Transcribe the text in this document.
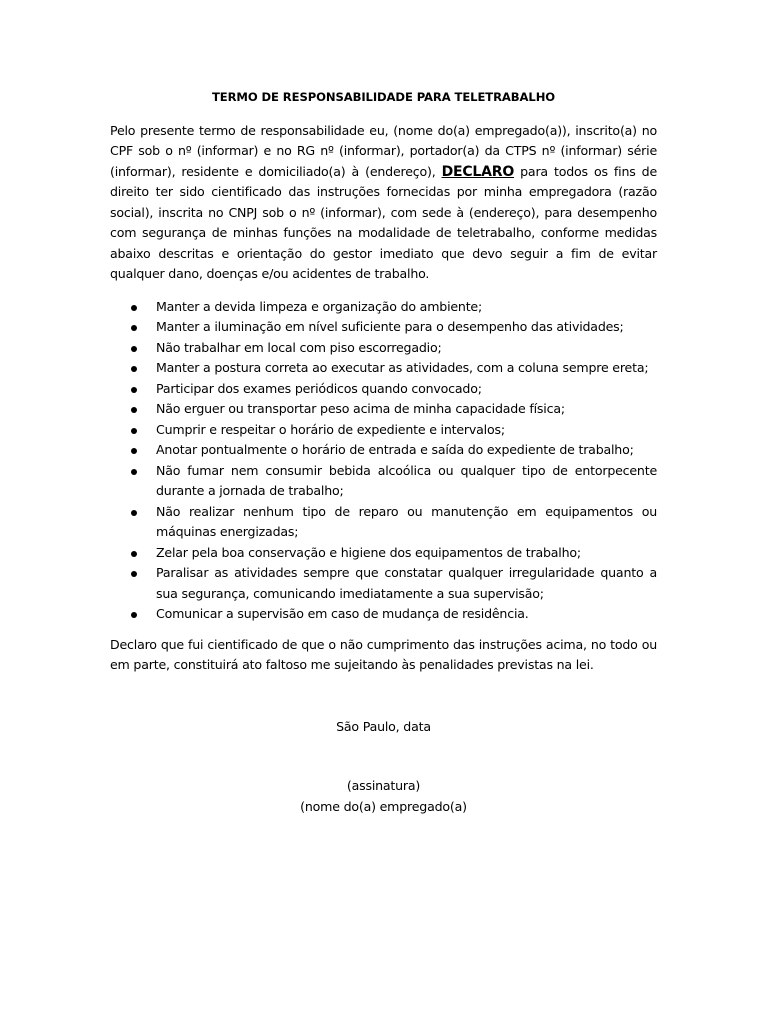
TERMO DE RESPONSABILIDADE PARA TELETRABALHO

Pelo presente termo de responsabilidade eu, (nome do(a) empregado(a)), inscrito(a) no CPF sob o nº (informar) e no RG nº (informar), portador(a) da CTPS nº (informar) série (informar), residente e domiciliado(a) à (endereço), DECLARO para todos os fins de direito ter sido cientificado das instruções fornecidas por minha empregadora (razão social), inscrita no CNPJ sob o nº (informar), com sede à (endereço), para desempenho com segurança de minhas funções na modalidade de teletrabalho, conforme medidas abaixo descritas e orientação do gestor imediato que devo seguir a fim de evitar qualquer dano, doenças e/ou acidentes de trabalho.

Manter a devida limpeza e organização do ambiente;
Manter a iluminação em nível suficiente para o desempenho das atividades;
Não trabalhar em local com piso escorregadio;
Manter a postura correta ao executar as atividades, com a coluna sempre ereta;
Participar dos exames periódicos quando convocado;
Não erguer ou transportar peso acima de minha capacidade física;
Cumprir e respeitar o horário de expediente e intervalos;
Anotar pontualmente o horário de entrada e saída do expediente de trabalho;
Não fumar nem consumir bebida alcoólica ou qualquer tipo de entorpecente durante a jornada de trabalho;
Não realizar nenhum tipo de reparo ou manutenção em equipamentos ou máquinas energizadas;
Zelar pela boa conservação e higiene dos equipamentos de trabalho;
Paralisar as atividades sempre que constatar qualquer irregularidade quanto a sua segurança, comunicando imediatamente a sua supervisão;
Comunicar a supervisão em caso de mudança de residência.

Declaro que fui cientificado de que o não cumprimento das instruções acima, no todo ou em parte, constituirá ato faltoso me sujeitando às penalidades previstas na lei.

São Paulo, data
(assinatura)
(nome do(a) empregado(a)
